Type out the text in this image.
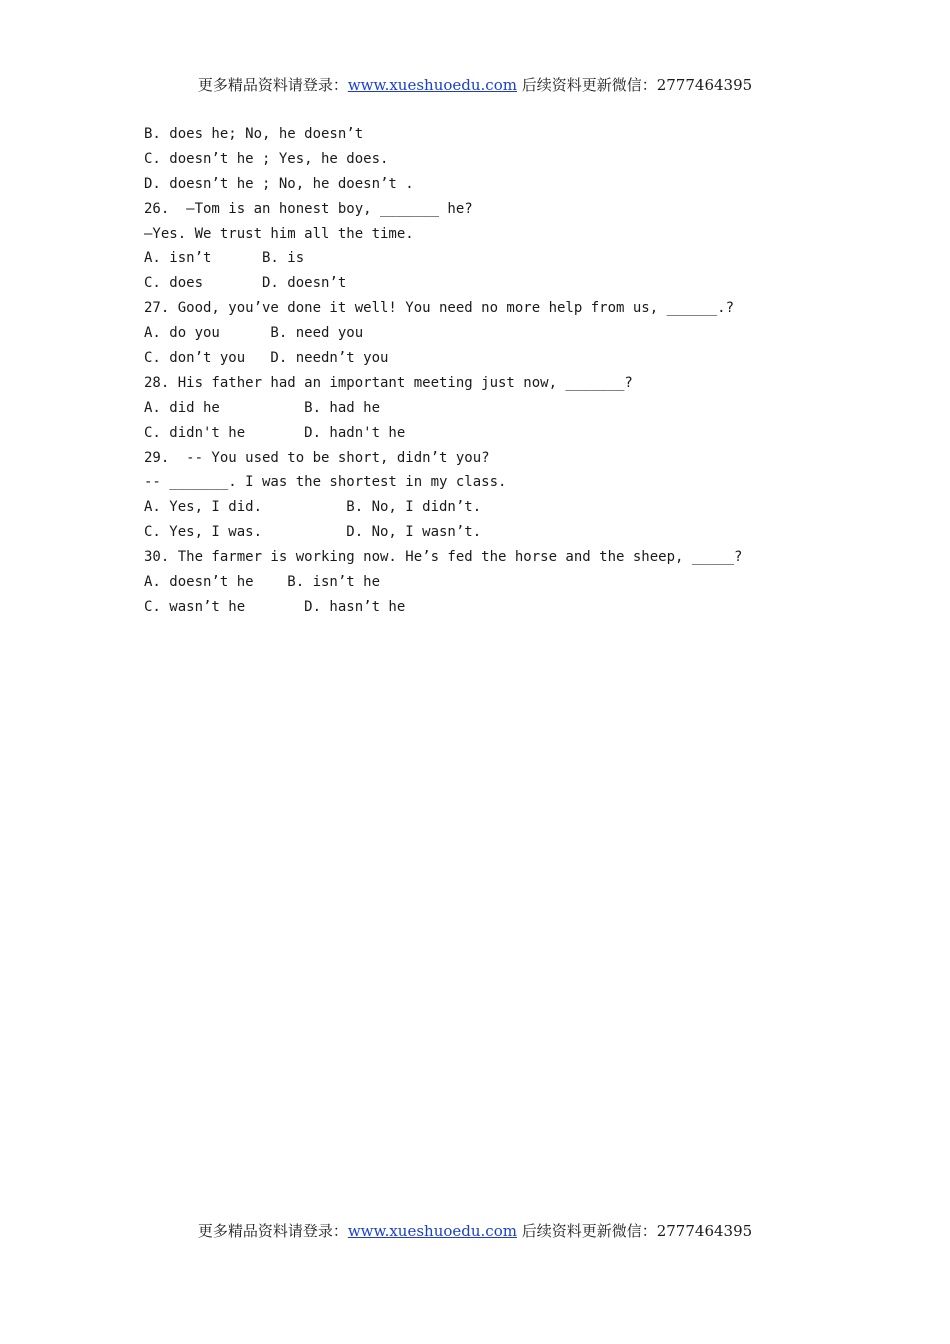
更多精品资料请登录：www.xueshuoedu.com 后续资料更新微信：2777464395
B. does he; No, he doesn’t
C. doesn’t he ; Yes, he does.
D. doesn’t he ; No, he doesn’t .
26.  —Tom is an honest boy, _______ he?
—Yes. We trust him all the time.
A. isn’t      B. is
C. does       D. doesn’t
27. Good, you’ve done it well! You need no more help from us, ______.?
A. do you      B. need you
C. don’t you   D. needn’t you
28. His father had an important meeting just now, _______?
A. did he          B. had he
C. didn't he       D. hadn't he
29.  -- You used to be short, didn’t you?
-- _______. I was the shortest in my class.
A. Yes, I did.          B. No, I didn’t.
C. Yes, I was.          D. No, I wasn’t.
30. The farmer is working now. He’s fed the horse and the sheep, _____?
A. doesn’t he    B. isn’t he
C. wasn’t he       D. hasn’t he
更多精品资料请登录：www.xueshuoedu.com 后续资料更新微信：2777464395
